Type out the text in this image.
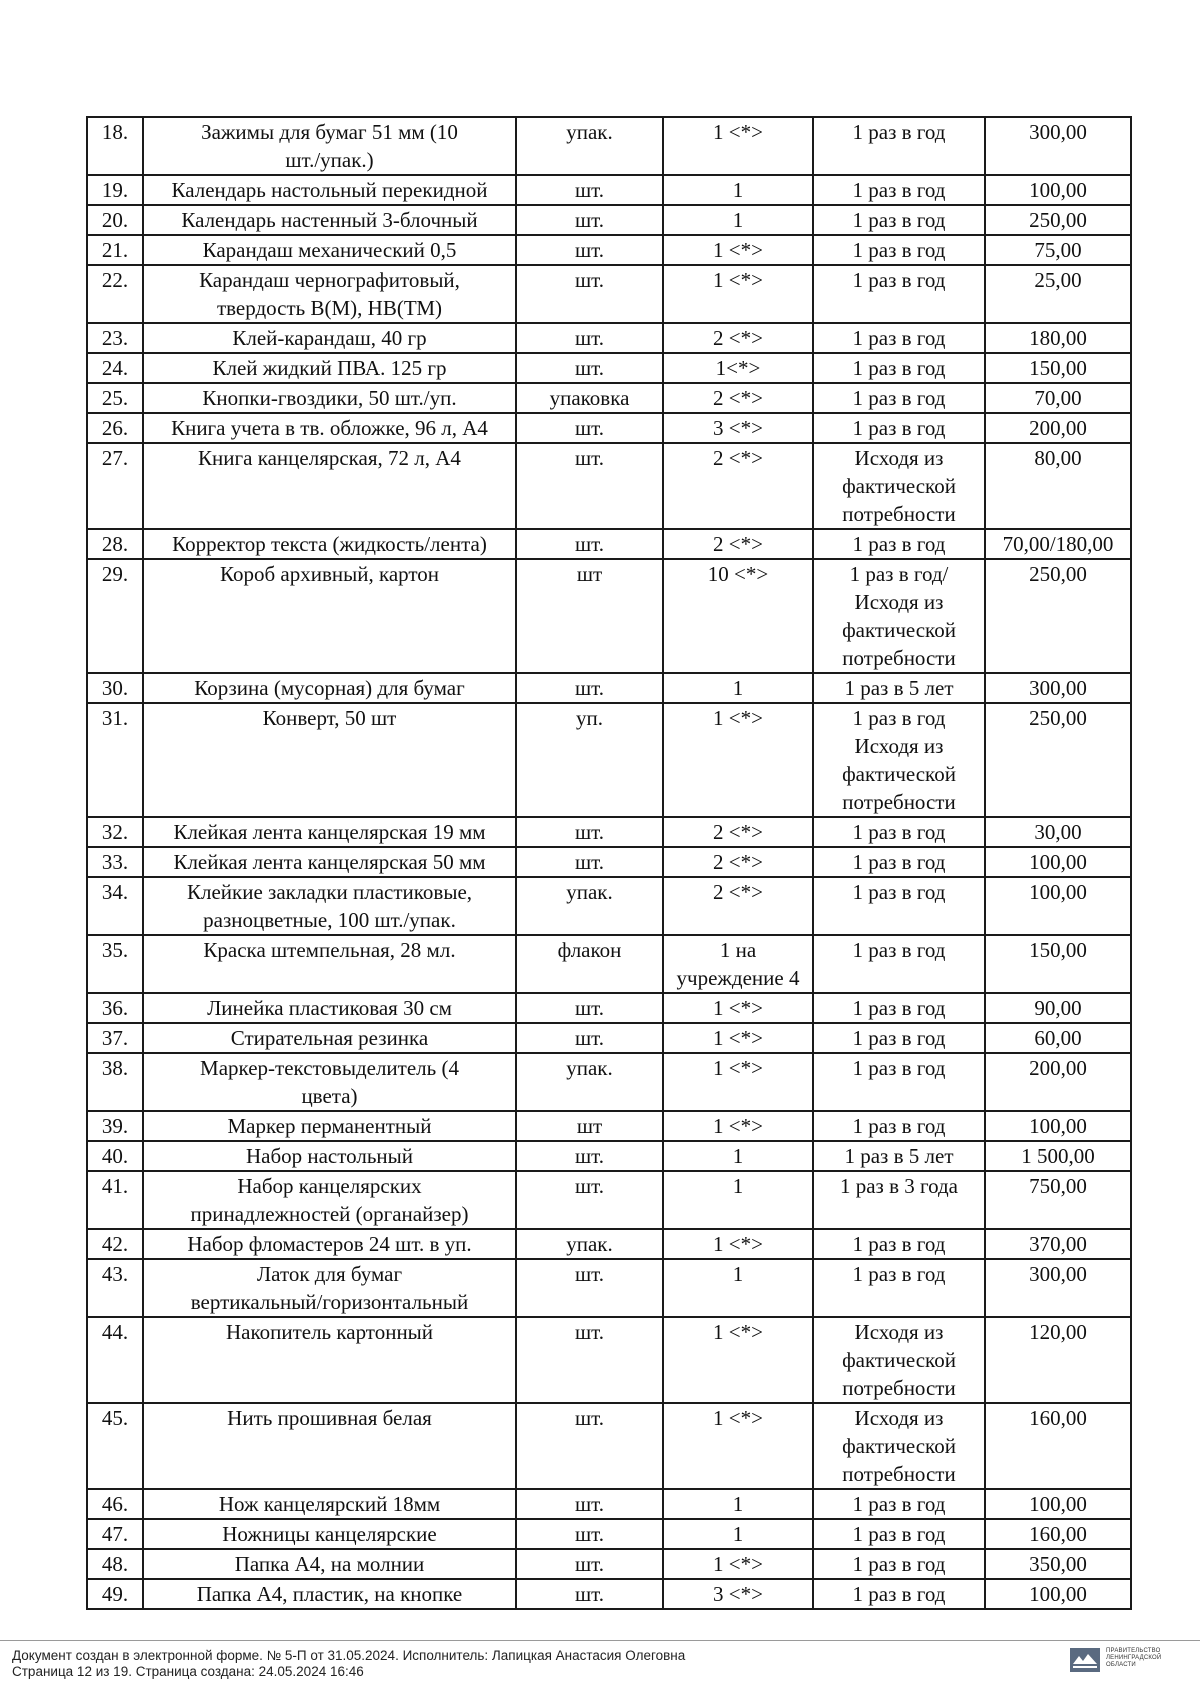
18.	Зажимы для бумаг 51 мм (10
шт./упак.)	упак.	1 <*>	1 раз в год	300,00
19.	Календарь настольный перекидной	шт.	1	1 раз в год	100,00
20.	Календарь настенный 3-блочный	шт.	1	1 раз в год	250,00
21.	Карандаш механический 0,5	шт.	1 <*>	1 раз в год	75,00
22.	Карандаш чернографитовый,
твердость В(М), НВ(ТМ)	шт.	1 <*>	1 раз в год	25,00
23.	Клей-карандаш, 40 гр	шт.	2 <*>	1 раз в год	180,00
24.	Клей жидкий ПВА. 125 гр	шт.	1<*>	1 раз в год	150,00
25.	Кнопки-гвоздики, 50 шт./уп.	упаковка	2 <*>	1 раз в год	70,00
26.	Книга учета в тв. обложке, 96 л, А4	шт.	3 <*>	1 раз в год	200,00
27.	Книга канцелярская, 72 л, А4	шт.	2 <*>	Исходя из
фактической
потребности	80,00
28.	Корректор текста (жидкость/лента)	шт.	2 <*>	1 раз в год	70,00/180,00
29.	Короб архивный, картон	шт	10 <*>	1 раз в год/
Исходя из
фактической
потребности	250,00
30.	Корзина (мусорная) для бумаг	шт.	1	1 раз в 5 лет	300,00
31.	Конверт, 50 шт	уп.	1 <*>	1 раз в год
Исходя из
фактической
потребности	250,00
32.	Клейкая лента канцелярская 19 мм	шт.	2 <*>	1 раз в год	30,00
33.	Клейкая лента канцелярская 50 мм	шт.	2 <*>	1 раз в год	100,00
34.	Клейкие закладки пластиковые,
разноцветные, 100 шт./упак.	упак.	2 <*>	1 раз в год	100,00
35.	Краска штемпельная, 28 мл.	флакон	1 на
учреждение 4	1 раз в год	150,00
36.	Линейка пластиковая 30 см	шт.	1 <*>	1 раз в год	90,00
37.	Стирательная резинка	шт.	1 <*>	1 раз в год	60,00
38.	Маркер-текстовыделитель (4
цвета)	упак.	1 <*>	1 раз в год	200,00
39.	Маркер перманентный	шт	1 <*>	1 раз в год	100,00
40.	Набор настольный	шт.	1	1 раз в 5 лет	1 500,00
41.	Набор канцелярских
принадлежностей (органайзер)	шт.	1	1 раз в 3 года	750,00
42.	Набор фломастеров 24 шт. в уп.	упак.	1 <*>	1 раз в год	370,00
43.	Латок для бумаг
вертикальный/горизонтальный	шт.	1	1 раз в год	300,00
44.	Накопитель картонный	шт.	1 <*>	Исходя из
фактической
потребности	120,00
45.	Нить прошивная белая	шт.	1 <*>	Исходя из
фактической
потребности	160,00
46.	Нож канцелярский 18мм	шт.	1	1 раз в год	100,00
47.	Ножницы канцелярские	шт.	1	1 раз в год	160,00
48.	Папка А4, на молнии	шт.	1 <*>	1 раз в год	350,00
49.	Папка А4, пластик, на кнопке	шт.	3 <*>	1 раз в год	100,00
Документ создан в электронной форме. № 5-П от 31.05.2024. Исполнитель: Лапицкая Анастасия Олеговна
Страница 12 из 19. Страница создана: 24.05.2024 16:46
ПРАВИТЕЛЬСТВО
ЛЕНИНГРАДСКОЙ
ОБЛАСТИ
